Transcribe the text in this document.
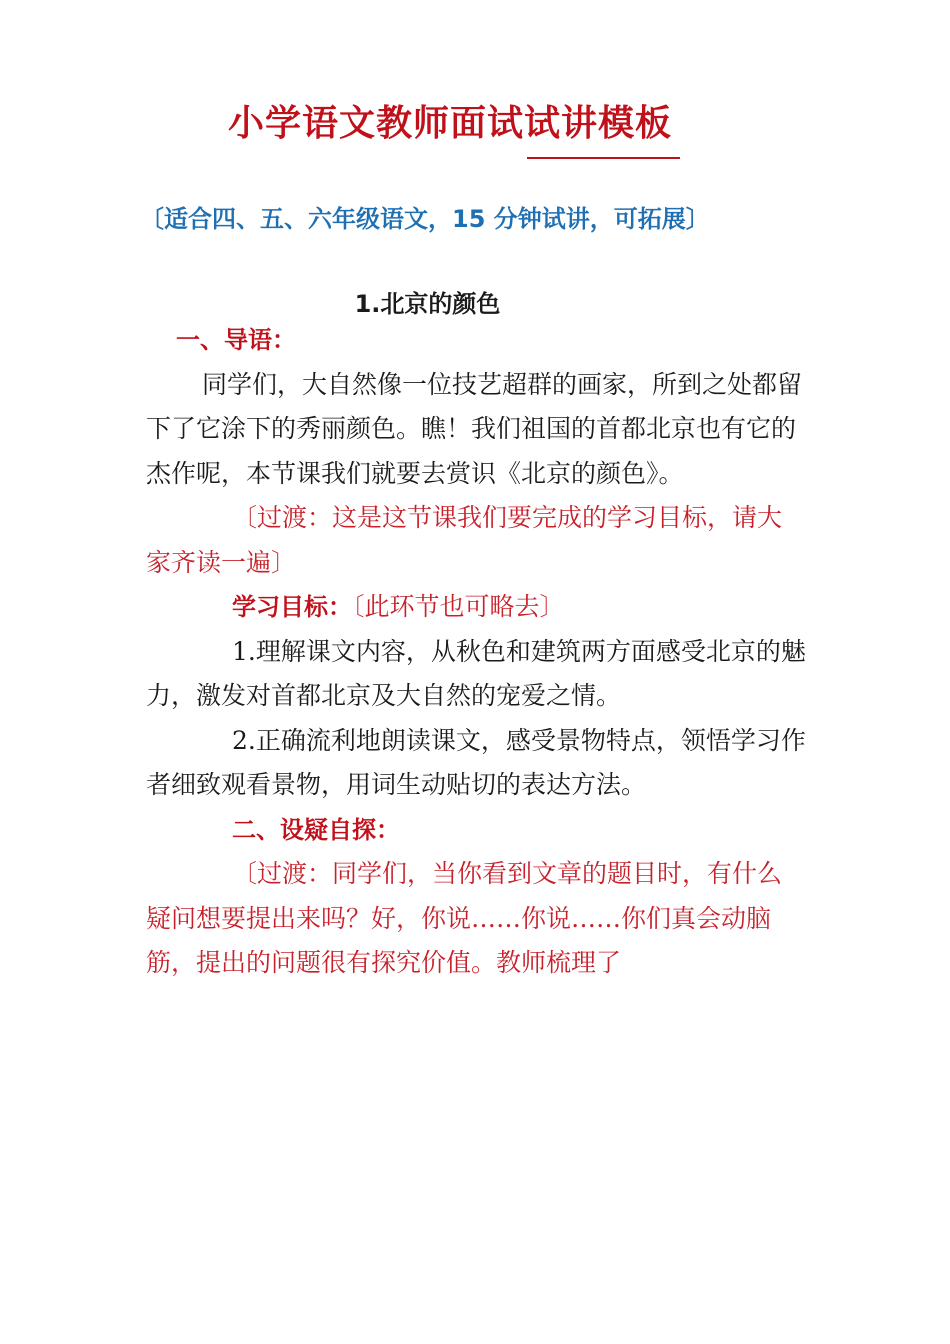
小学语文教师面试试讲模板
〔适合四、五、六年级语文，15 分钟试讲，可拓展〕
1.北京的颜色

一、导语：

同学们，大自然像一位技艺超群的画家，所到之处都留下了它涂下的秀丽颜色。瞧！我们祖国的首都北京也有它的杰作呢，本节课我们就要去赏识《北京的颜色》。

〔过渡：这是这节课我们要完成的学习目标，请大家齐读一遍〕

学习目标：〔此环节也可略去〕

1.理解课文内容，从秋色和建筑两方面感受北京的魅力，激发对首都北京及大自然的宠爱之情。

2.正确流利地朗读课文，感受景物特点，领悟学习作者细致观看景物，用词生动贴切的表达方法。

二、设疑自探：

〔过渡：同学们，当你看到文章的题目时，有什么疑问想要提出来吗？好，你说……你说……你们真会动脑筋，提出的问题很有探究价值。教师梳理了
